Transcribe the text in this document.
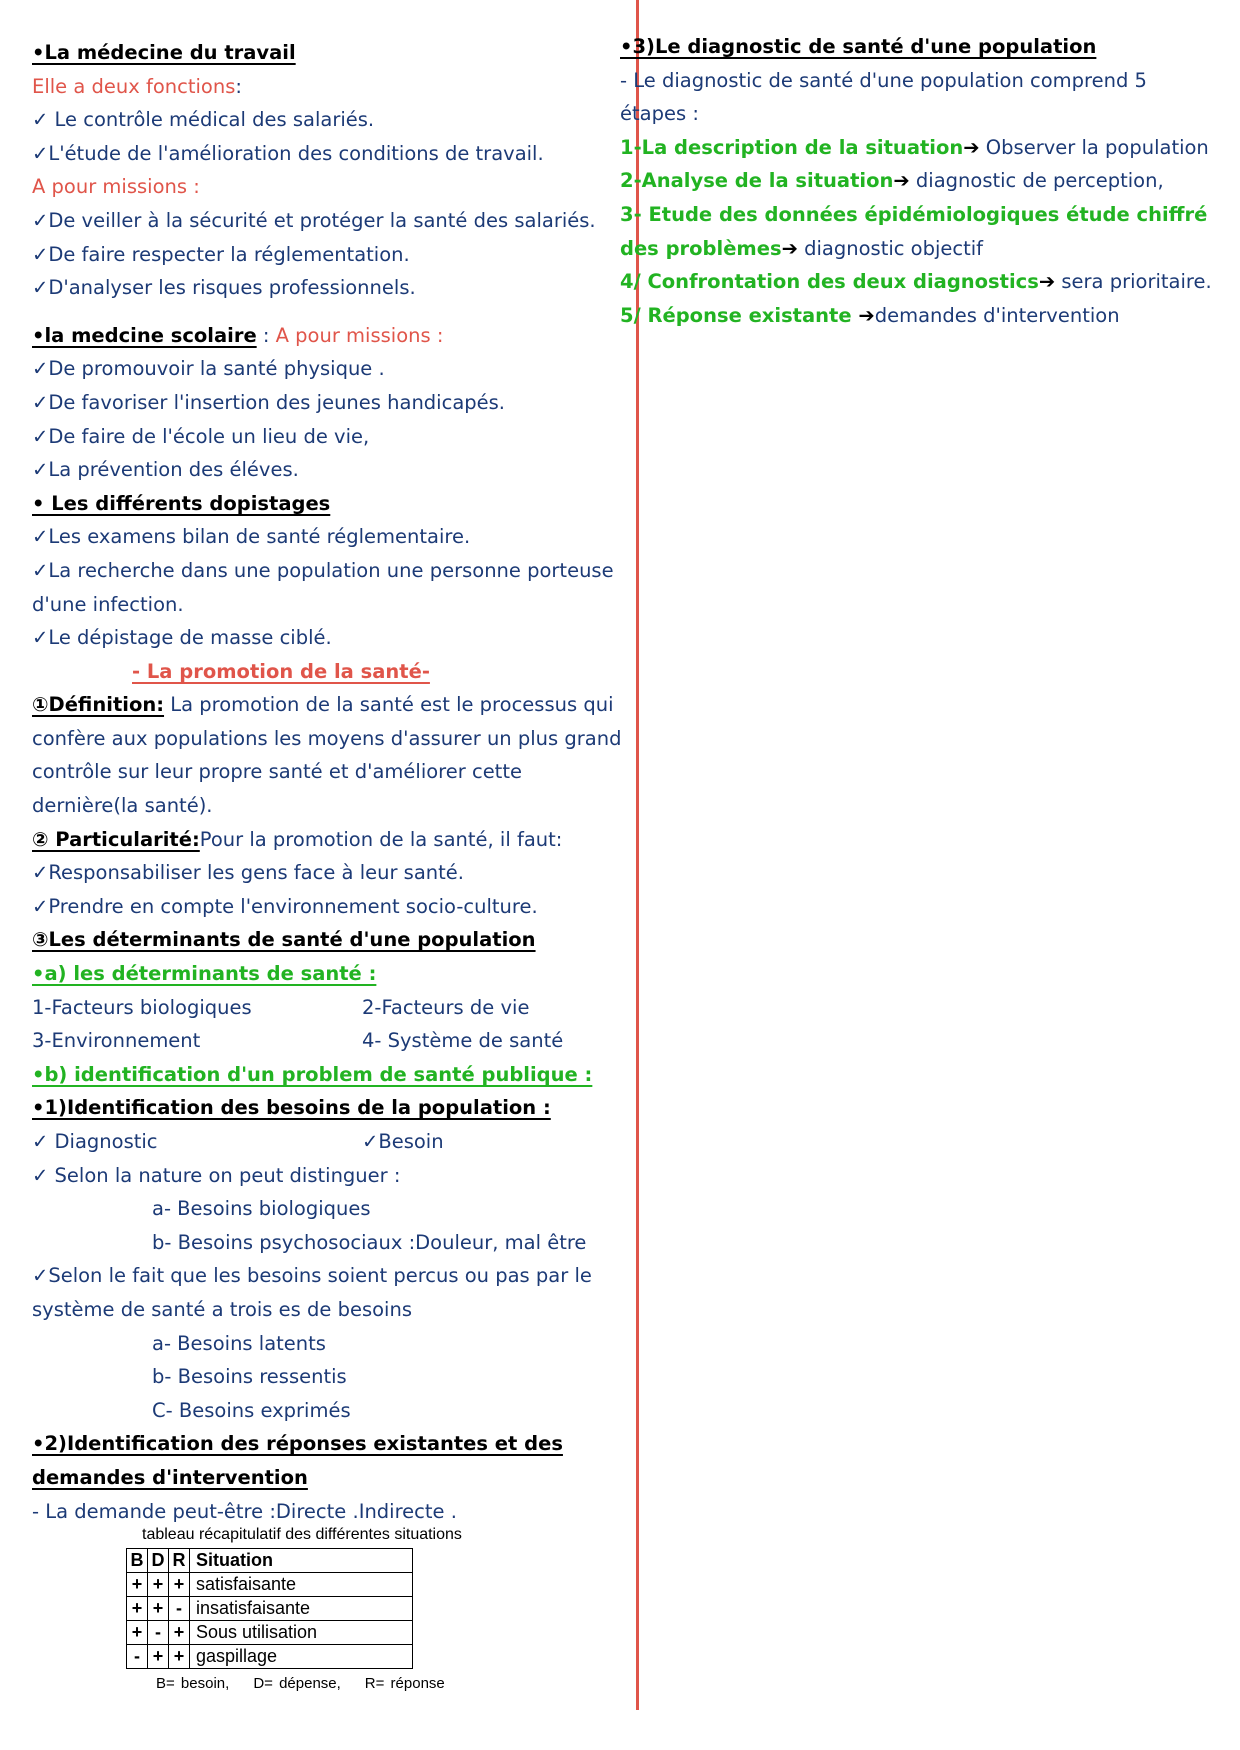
•La médecine du travail
Elle a deux fonctions:
✓ Le contrôle médical des salariés.
✓L'étude de l'amélioration des conditions de travail.
A pour missions :
✓De veiller à la sécurité et protéger la santé des salariés.
✓De faire respecter la réglementation.
✓D'analyser les risques professionnels.
•la medcine scolaire : A pour missions :
✓De promouvoir la santé physique .
✓De favoriser l'insertion des jeunes handicapés.
✓De faire de l'école un lieu de vie,
✓La prévention des éléves.
• Les différents dopistages
✓Les examens bilan de santé réglementaire.
✓La recherche dans une population une personne porteuse
d'une infection.
✓Le dépistage de masse ciblé.
- La promotion de la santé-
①Définition: La promotion de la santé est le processus qui
confère aux populations les moyens d'assurer un plus grand
contrôle sur leur propre santé et d'améliorer cette
dernière(la santé).
② Particularité:Pour la promotion de la santé, il faut:
✓Responsabiliser les gens face à leur santé.
✓Prendre en compte l'environnement socio-culture.
③Les déterminants de santé d'une population
•a) les déterminants de santé :
1-Facteurs biologiques	2-Facteurs de vie
3-Environnement	4- Système de santé
•b) identification d'un problem de santé publique :
•1)Identification des besoins de la population :
✓ Diagnostic	✓Besoin
✓ Selon la nature on peut distinguer :
a- Besoins biologiques
b- Besoins psychosociaux :Douleur, mal être
✓Selon le fait que les besoins soient percus ou pas par le
système de santé a trois es de besoins
a- Besoins latents
b- Besoins ressentis
C- Besoins exprimés
•2)Identification des réponses existantes et des
demandes d'intervention
- La demande peut-être :Directe .Indirecte .
tableau récapitulatif des différentes situations
B	D	R	Situation
+	+	+	satisfaisante
+	+	-	insatisfaisante
+	-	+	Sous utilisation
-	+	+	gaspillage
B= besoin, D= dépense, R= réponse
•3)Le diagnostic de santé d'une population
- Le diagnostic de santé d'une population comprend 5
étapes :
1-La description de la situation➔ Observer la population
2-Analyse de la situation➔ diagnostic de perception,
3- Etude des données épidémiologiques étude chiffré
des problèmes➔ diagnostic objectif
4/ Confrontation des deux diagnostics➔ sera prioritaire.
5/ Réponse existante ➔demandes d'intervention
